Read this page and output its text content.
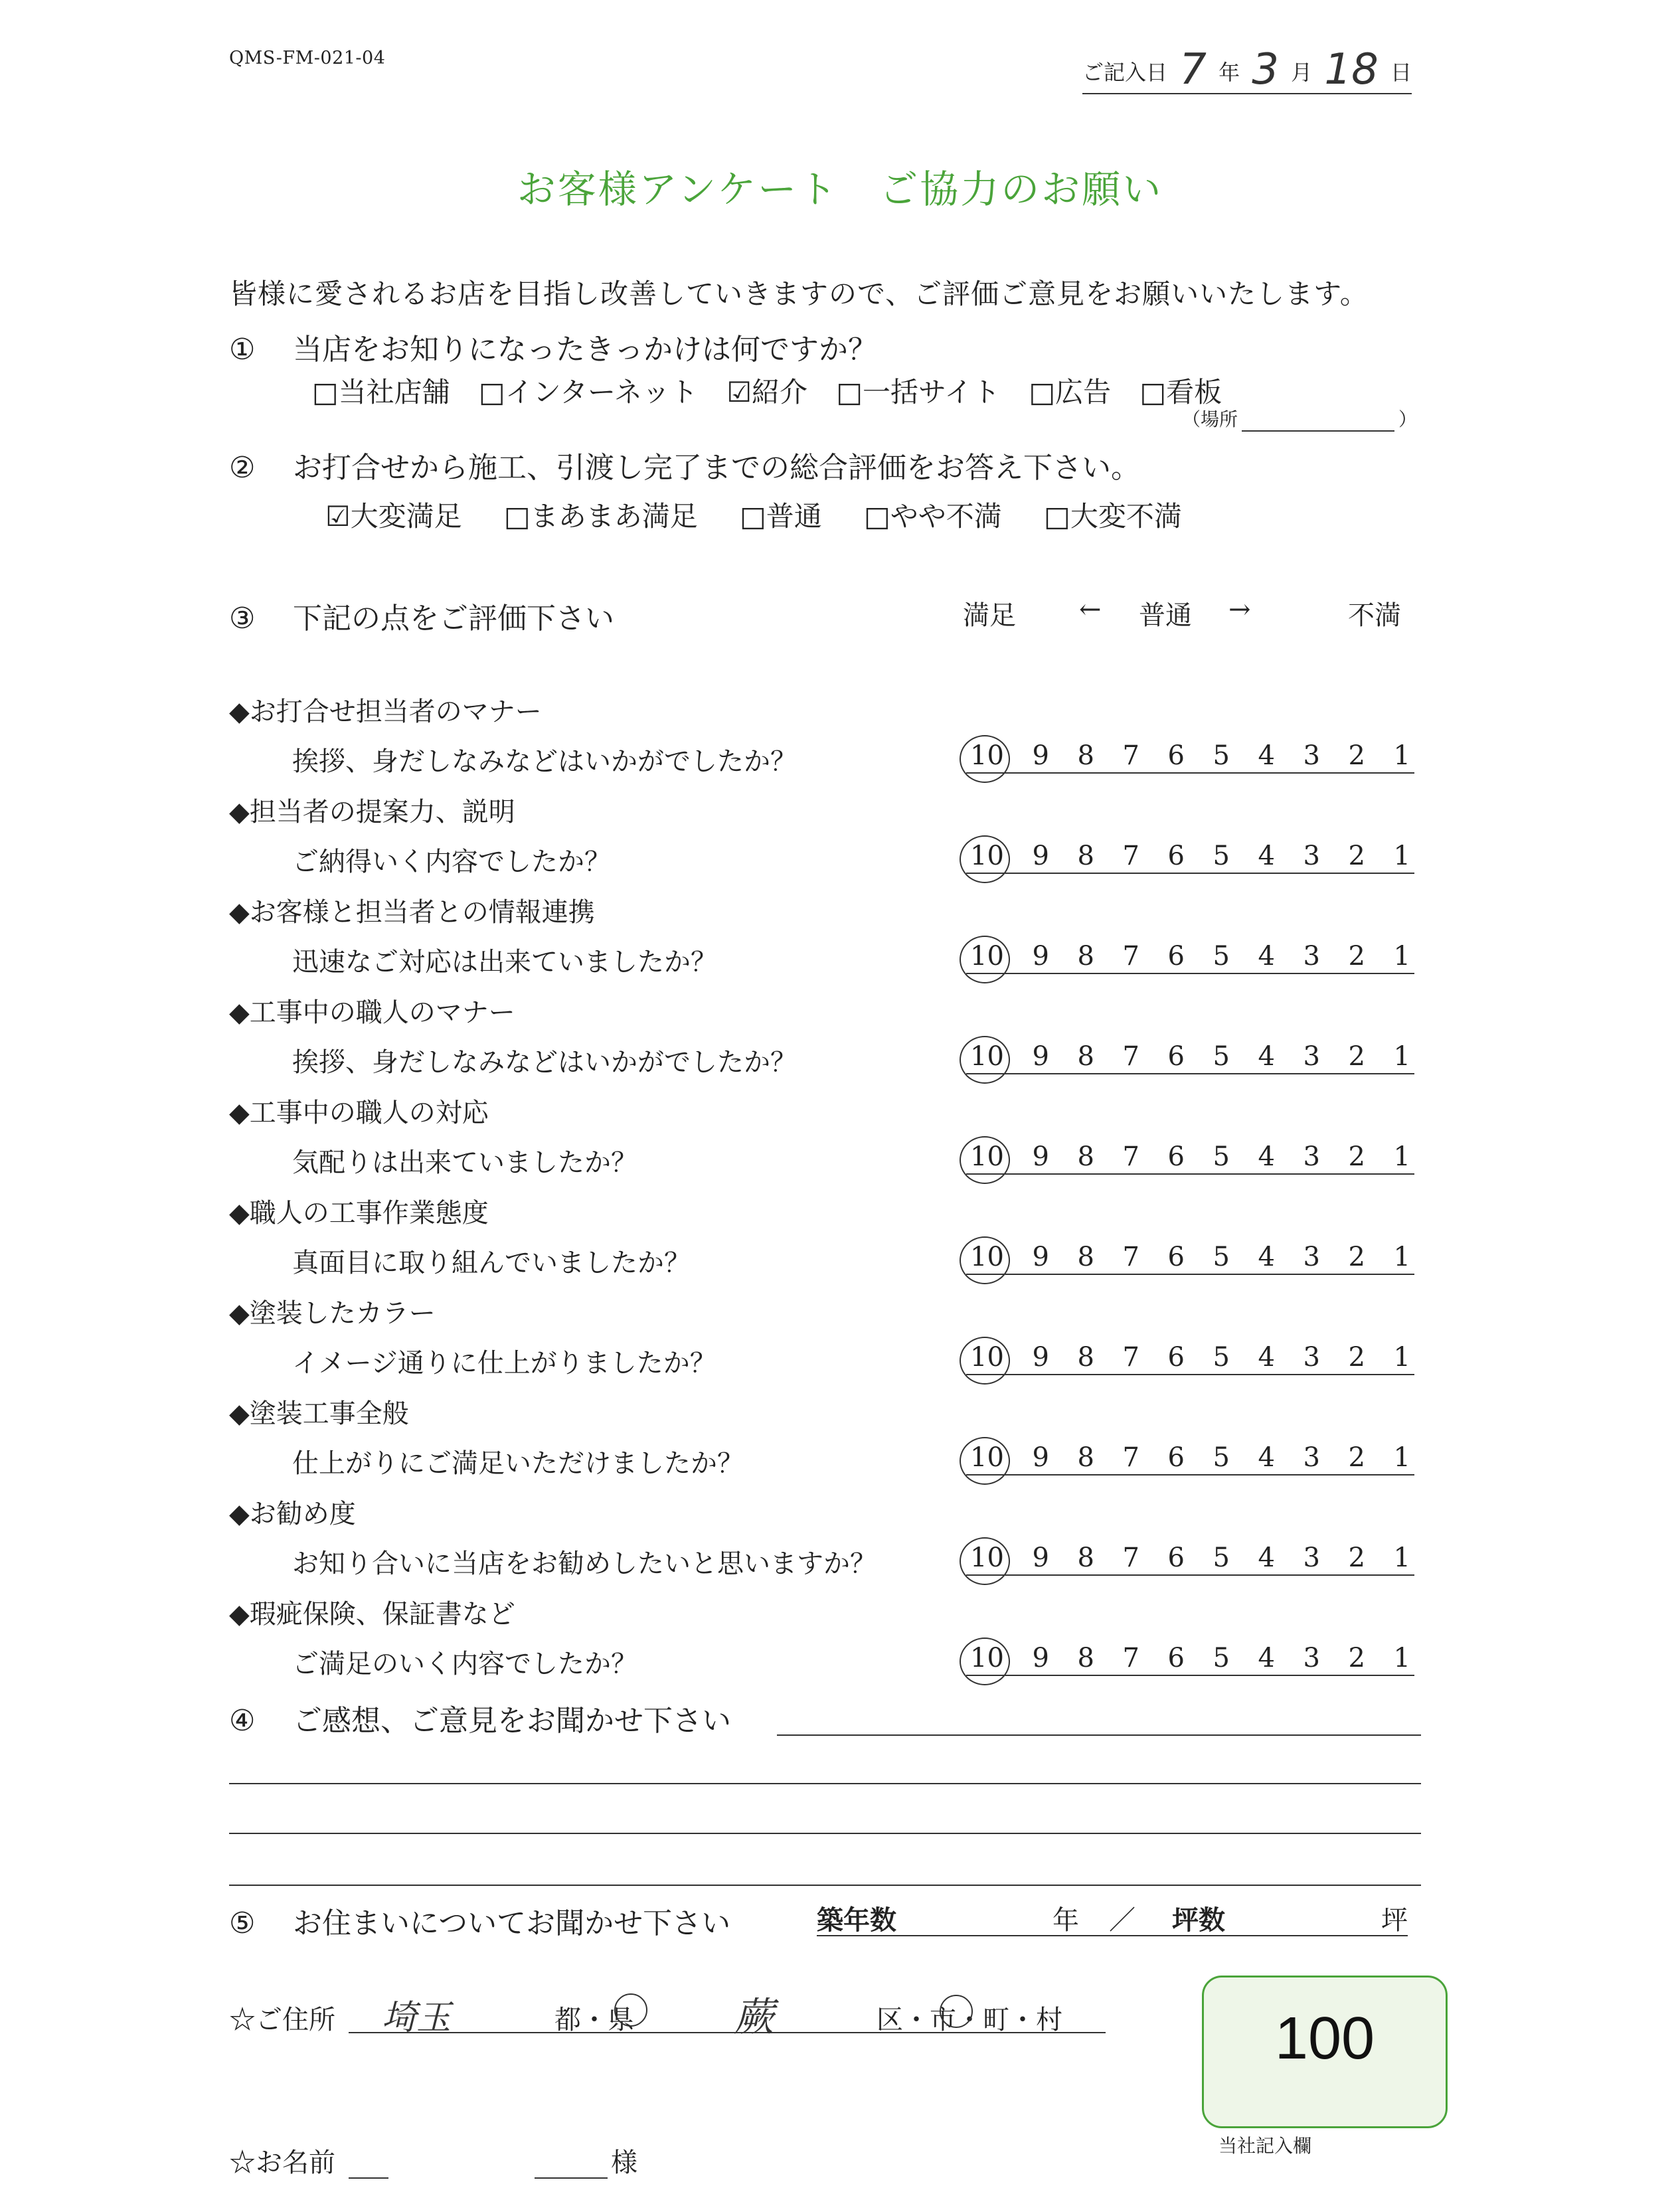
QMS-FM-021-04
ご記入日 7 年 3 月 18 日
お客様アンケート　ご協力のお願い
皆様に愛されるお店を目指し改善していきますので、ご評価ご意見をお願いいたします。
① 当店をお知りになったきっかけは何ですか？
□当社店舗 □インターネット ☑紹介 □一括サイト □広告 □看板
（場所	）
② お打合せから施工、引渡し完了までの総合評価をお答え下さい。
☑大変満足 □まあまあ満足 □普通 □やや不満 □大変不満
③ 下記の点をご評価下さい	満足 ← 普通 →	不満
◆お打合せ担当者のマナー
挨拶、身だしなみなどはいかがでしたか？	10 9 8 7 6 5 4 3 2 1
◆担当者の提案力、説明
ご納得いく内容でしたか？	10 9 8 7 6 5 4 3 2 1
◆お客様と担当者との情報連携
迅速なご対応は出来ていましたか？	10 9 8 7 6 5 4 3 2 1
◆工事中の職人のマナー
挨拶、身だしなみなどはいかがでしたか？	10 9 8 7 6 5 4 3 2 1
◆工事中の職人の対応
気配りは出来ていましたか？	10 9 8 7 6 5 4 3 2 1
◆職人の工事作業態度
真面目に取り組んでいましたか？	10 9 8 7 6 5 4 3 2 1
◆塗装したカラー
イメージ通りに仕上がりましたか？	10 9 8 7 6 5 4 3 2 1
◆塗装工事全般
仕上がりにご満足いただけましたか？	10 9 8 7 6 5 4 3 2 1
◆お勧め度
お知り合いに当店をお勧めしたいと思いますか？	10 9 8 7 6 5 4 3 2 1
◆瑕疵保険、保証書など
ご満足のいく内容でしたか？	10 9 8 7 6 5 4 3 2 1
④ ご感想、ご意見をお聞かせ下さい
⑤ お住まいについてお聞かせ下さい	築年数	年 ／ 坪数	坪
☆ご住所 埼玉	都・県	蕨	区・市・町・村	100
当社記入欄
☆お名前	様
